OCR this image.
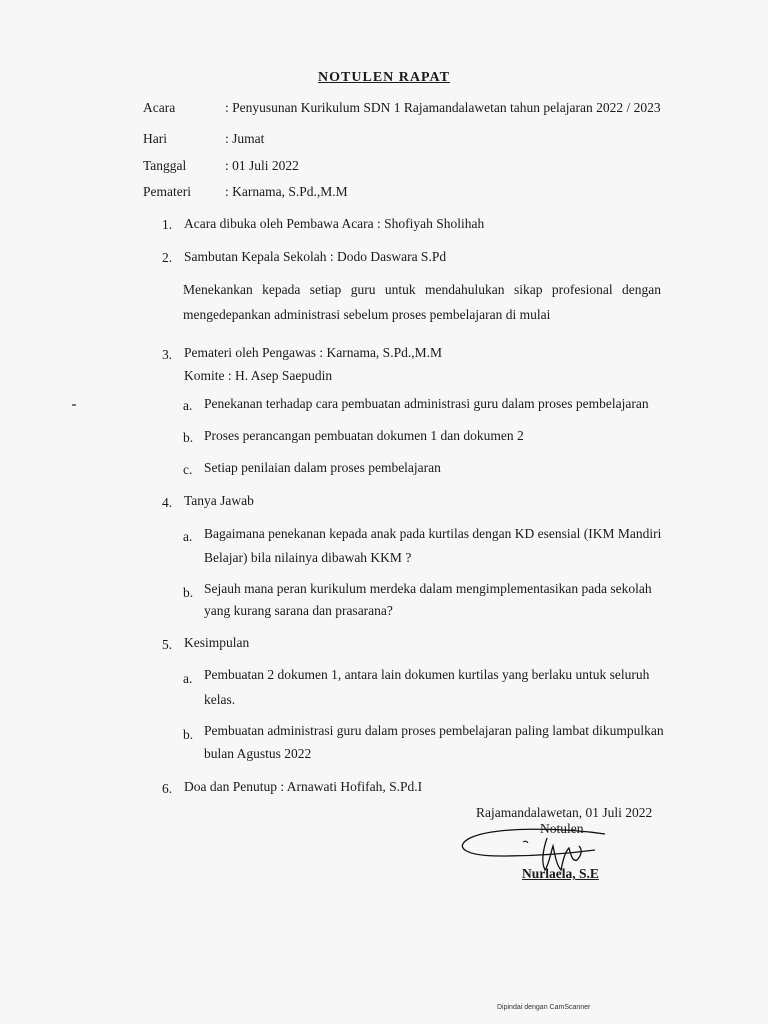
NOTULEN RAPAT
Acara	: Penyusunan Kurikulum SDN 1 Rajamandalawetan tahun pelajaran 2022 / 2023
Hari	: Jumat
Tanggal	: 01 Juli 2022
Pemateri	: Karnama, S.Pd.,M.M
1. Acara dibuka oleh Pembawa Acara : Shofiyah Sholihah
2. Sambutan Kepala Sekolah : Dodo Daswara S.Pd
Menekankan kepada setiap guru untuk mendahulukan sikap profesional dengan mengedepankan administrasi sebelum proses pembelajaran di mulai
3. Pemateri oleh Pengawas : Karnama, S.Pd.,M.M
Komite : H. Asep Saepudin
a. Penekanan terhadap cara pembuatan administrasi guru dalam proses pembelajaran
b. Proses perancangan pembuatan dokumen 1 dan dokumen 2
c. Setiap penilaian dalam proses pembelajaran
4. Tanya Jawab
a. Bagaimana penekanan kepada anak pada kurtilas dengan KD esensial (IKM Mandiri
Belajar) bila nilainya dibawah KKM ?
b. Sejauh mana peran kurikulum merdeka dalam mengimplementasikan pada sekolah
yang kurang sarana dan prasarana?
5. Kesimpulan
a. Pembuatan 2 dokumen 1, antara lain dokumen kurtilas yang berlaku untuk seluruh
kelas.
b. Pembuatan administrasi guru dalam proses pembelajaran paling lambat dikumpulkan
bulan Agustus 2022
6. Doa dan Penutup : Arnawati Hofifah, S.Pd.I
Rajamandalawetan, 01 Juli 2022
Notulen
Nurlaela, S.E
Dipindai dengan CamScanner
